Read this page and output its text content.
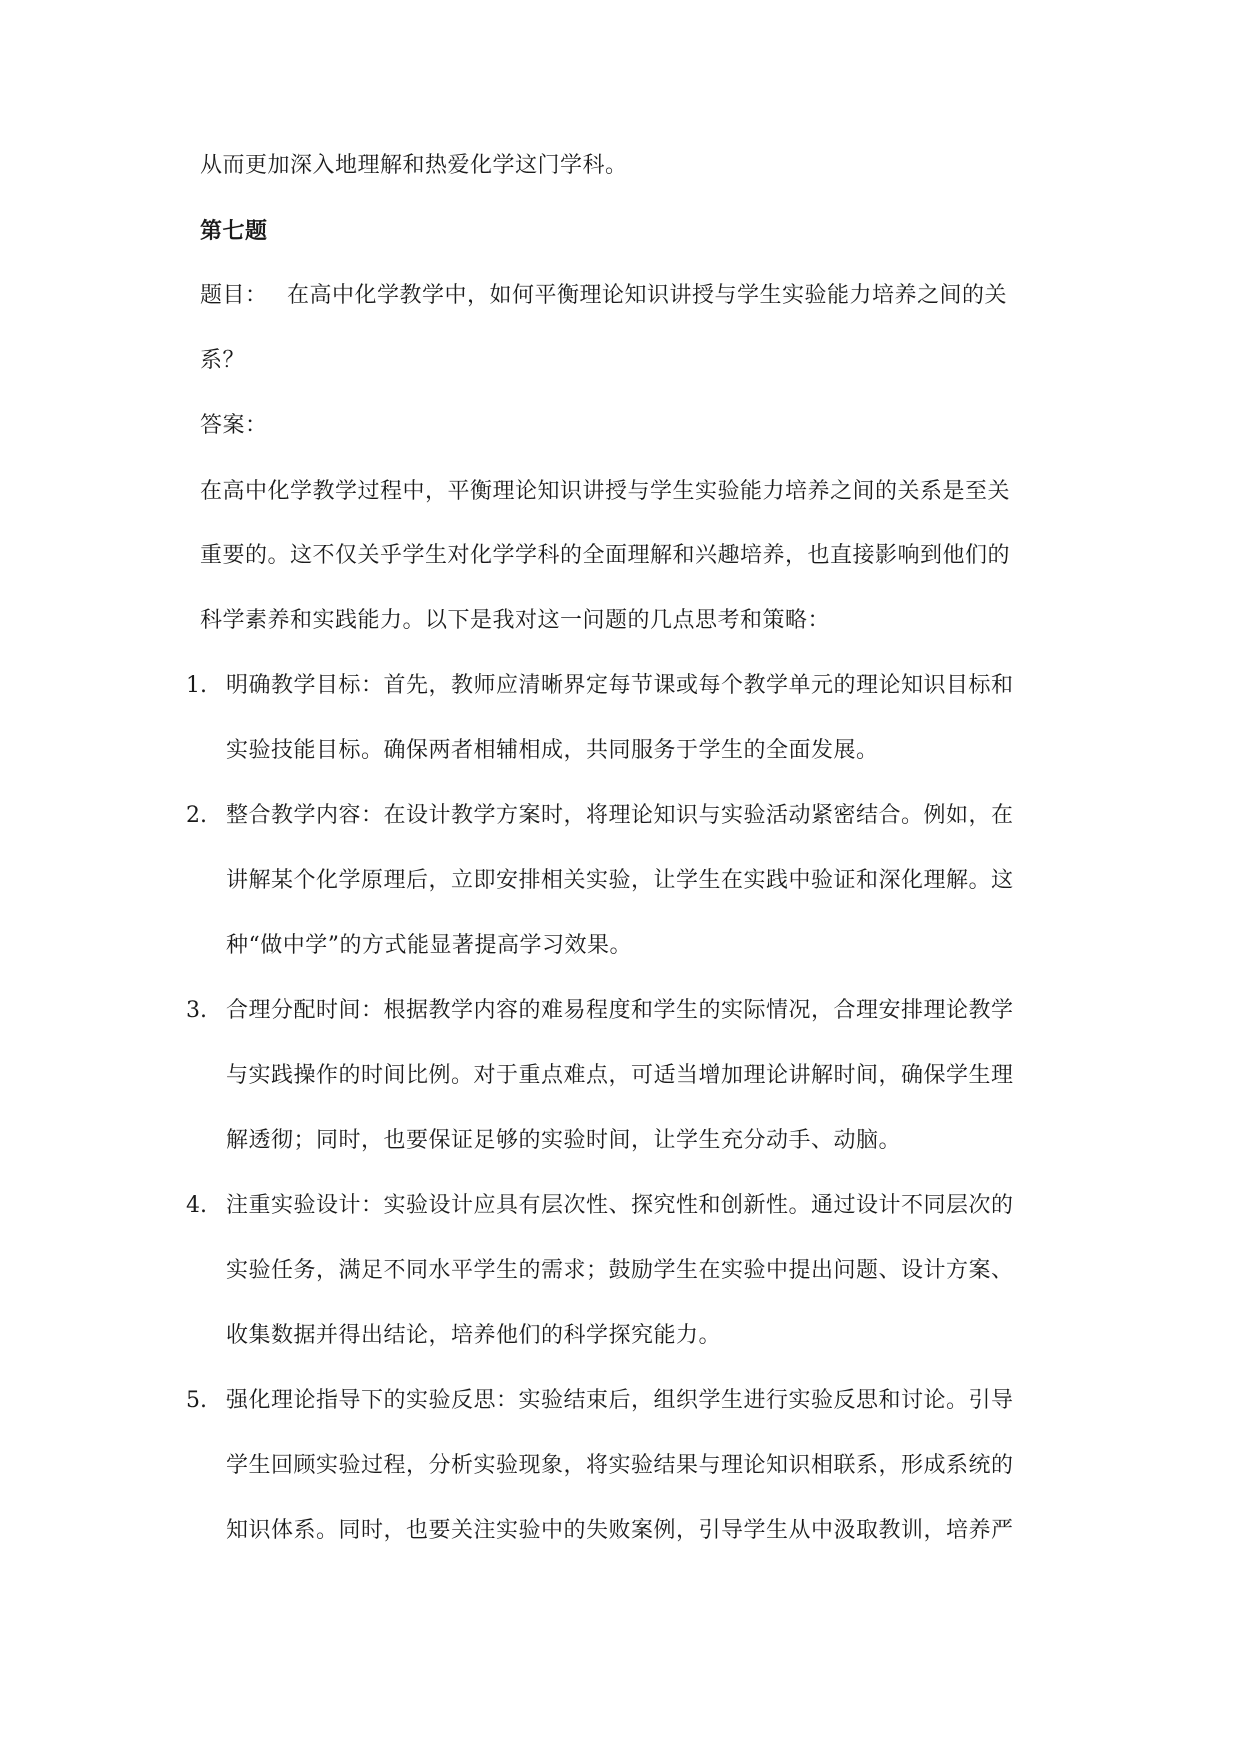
从而更加深入地理解和热爱化学这门学科。
第七题
题目： 在高中化学教学中，如何平衡理论知识讲授与学生实验能力培养之间的关
系？
答案：
在高中化学教学过程中，平衡理论知识讲授与学生实验能力培养之间的关系是至关
重要的。这不仅关乎学生对化学学科的全面理解和兴趣培养，也直接影响到他们的
科学素养和实践能力。以下是我对这一问题的几点思考和策略：
1. 明确教学目标：首先，教师应清晰界定每节课或每个教学单元的理论知识目标和
实验技能目标。确保两者相辅相成，共同服务于学生的全面发展。
2. 整合教学内容：在设计教学方案时，将理论知识与实验活动紧密结合。例如，在
讲解某个化学原理后，立即安排相关实验，让学生在实践中验证和深化理解。这
种“做中学”的方式能显著提高学习效果。
3. 合理分配时间：根据教学内容的难易程度和学生的实际情况，合理安排理论教学
与实践操作的时间比例。对于重点难点，可适当增加理论讲解时间，确保学生理
解透彻；同时，也要保证足够的实验时间，让学生充分动手、动脑。
4. 注重实验设计：实验设计应具有层次性、探究性和创新性。通过设计不同层次的
实验任务，满足不同水平学生的需求；鼓励学生在实验中提出问题、设计方案、
收集数据并得出结论，培养他们的科学探究能力。
5. 强化理论指导下的实验反思：实验结束后，组织学生进行实验反思和讨论。引导
学生回顾实验过程，分析实验现象，将实验结果与理论知识相联系，形成系统的
知识体系。同时，也要关注实验中的失败案例，引导学生从中汲取教训，培养严
